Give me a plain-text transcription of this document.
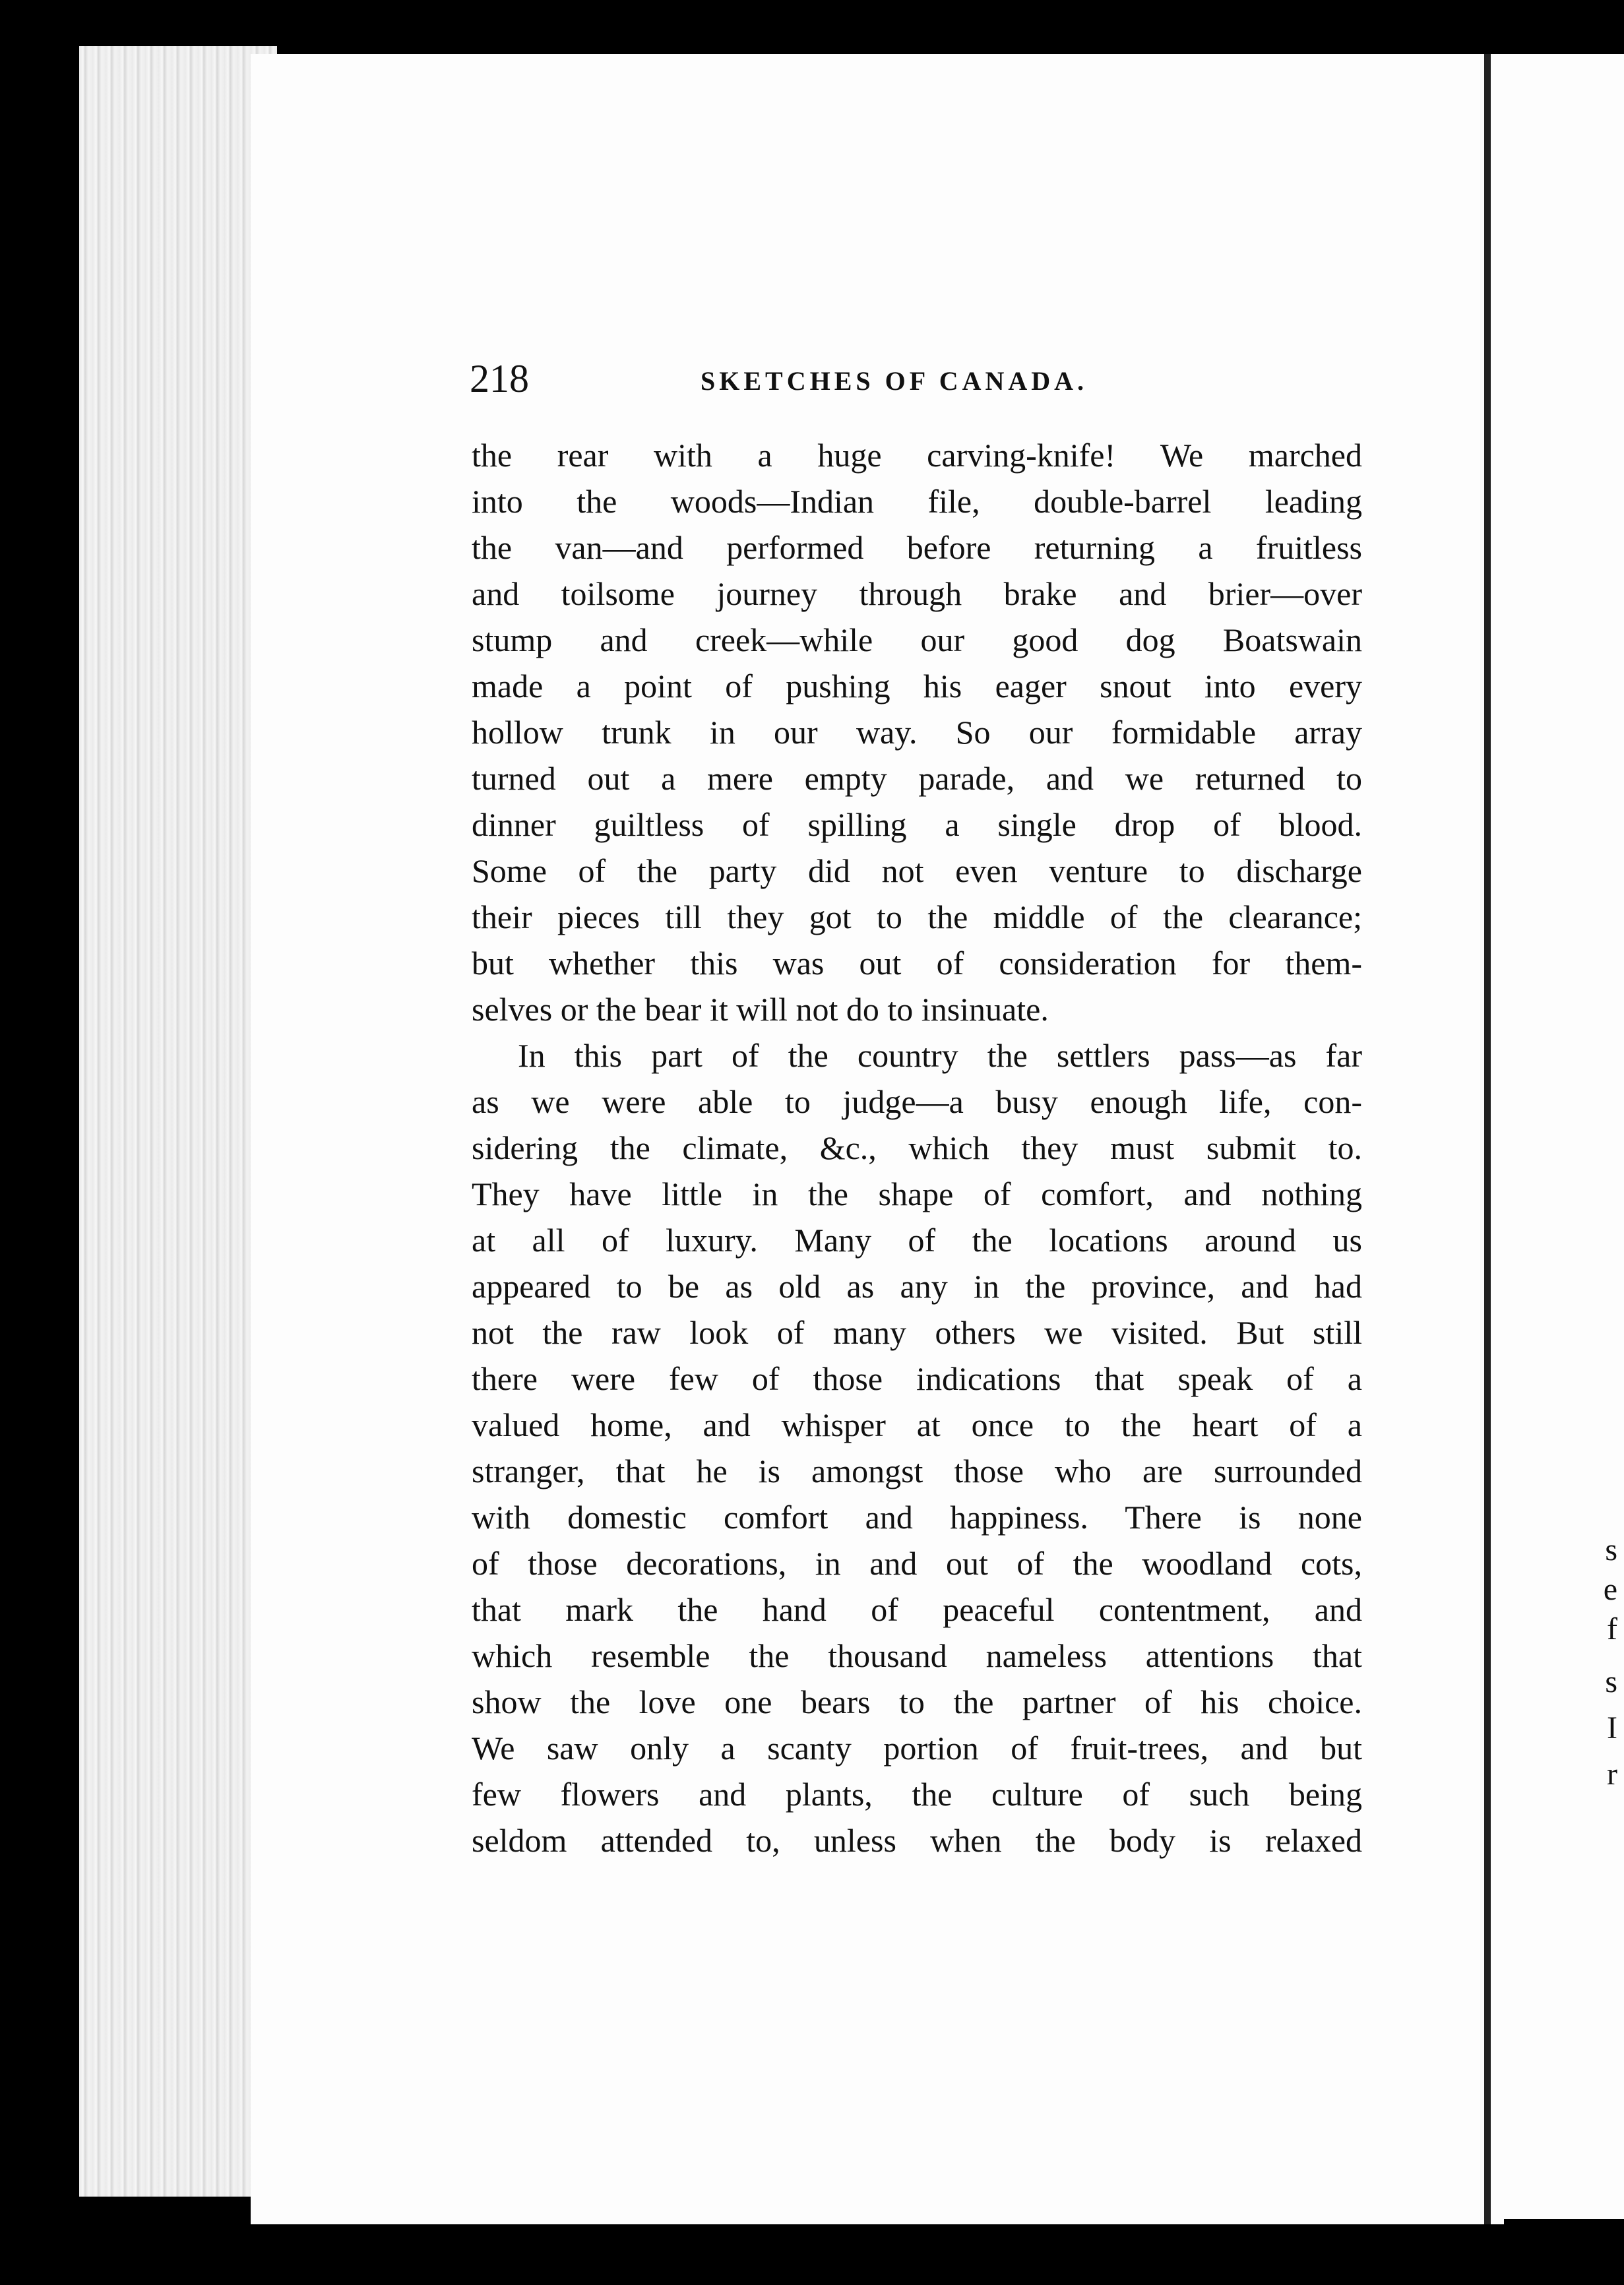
s
e
f
s
I
r
218	SKETCHES OF CANADA.
the rear with a huge carving-knife! We marched
into the woods—Indian file, double-barrel leading
the van—and performed before returning a fruitless
and toilsome journey through brake and brier—over
stump and creek—while our good dog Boatswain
made a point of pushing his eager snout into every
hollow trunk in our way. So our formidable array
turned out a mere empty parade, and we returned to
dinner guiltless of spilling a single drop of blood.
Some of the party did not even venture to discharge
their pieces till they got to the middle of the clearance;
but whether this was out of consideration for them-
selves or the bear it will not do to insinuate.
In this part of the country the settlers pass—as far
as we were able to judge—a busy enough life, con-
sidering the climate, &c., which they must submit to.
They have little in the shape of comfort, and nothing
at all of luxury. Many of the locations around us
appeared to be as old as any in the province, and had
not the raw look of many others we visited. But still
there were few of those indications that speak of a
valued home, and whisper at once to the heart of a
stranger, that he is amongst those who are surrounded
with domestic comfort and happiness. There is none
of those decorations, in and out of the woodland cots,
that mark the hand of peaceful contentment, and
which resemble the thousand nameless attentions that
show the love one bears to the partner of his choice.
We saw only a scanty portion of fruit-trees, and but
few flowers and plants, the culture of such being
seldom attended to, unless when the body is relaxed
